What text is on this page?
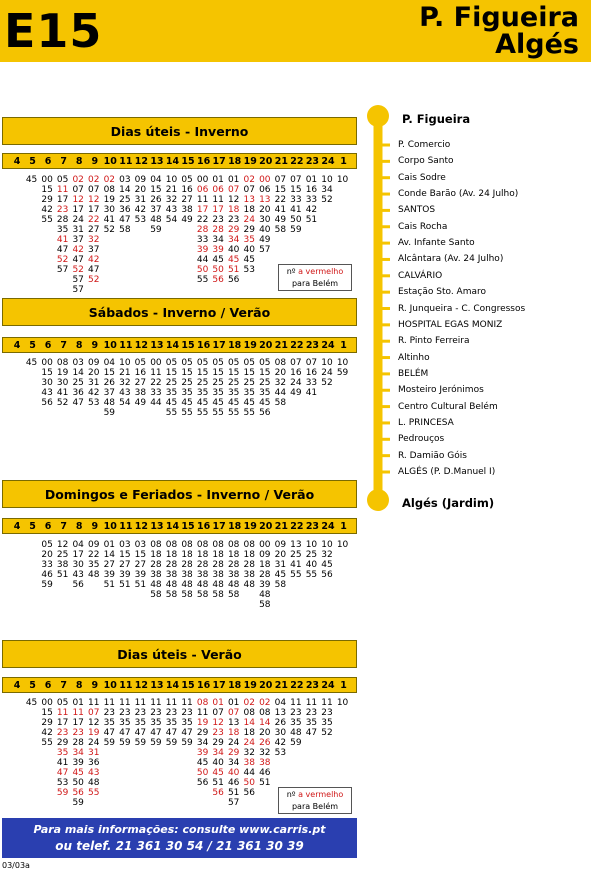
E15	P. Figueira
Algés
Dias úteis - Inverno
4 5 6 7 8 9 10 11 12 13 14 15 16 17 18 19 20 21 22 23 24 1
45 00
15
29
42
55
05
11
17
23
28
35
41
47
52
57
02
07
12
17
24
31
37
42
47
52
57
57
02
07
12
17
22
27
32
37
42
47
52
02
08
19
30
41
52
03
14
25
36
47
58
09
20
31
42
53
04
15
26
37
48
59
10
21
32
43
54
05
16
27
38
49
00
06
11
17
22
28
33
39
44
50
55
01
06
11
17
23
28
34
39
45
50
56
01
07
12
18
23
29
34
40
45
51
56
02
07
13
18
24
29
35
40
45
53
00
06
13
20
30
40
49
57
07
15
22
41
49
58
07
15
33
41
50
59
01
16
33
42
51
10
34
52
10
nº a vermelho
para Belém
Sábados - Inverno / Verão
4 5 6 7 8 9 10 11 12 13 14 15 16 17 18 19 20 21 22 23 24 1
45 00
15
30
43
56
08
19
30
41
52
03
14
25
36
47
09
20
31
42
53
04
15
26
37
48
59
10
21
32
43
54
05
16
27
38
49
00
11
22
33
44
05
15
25
35
45
55
05
15
25
35
45
55
05
15
25
35
45
55
05
15
25
35
45
55
05
15
25
35
45
55
05
15
25
35
45
55
05
15
25
35
45
56
08
20
32
44
58
07
16
24
49
07
16
33
41
10
24
52
10
59
Domingos e Feriados - Inverno / Verão
4 5 6 7 8 9 10 11 12 13 14 15 16 17 18 19 20 21 22 23 24 1
05
20
33
46
59
12
25
38
51
04
17
30
43
56
09
22
35
48
01
14
27
39
51
03
15
27
39
51
03
15
27
39
51
08
18
28
38
48
58
08
18
28
38
48
58
08
18
28
38
48
58
08
18
28
38
48
58
08
18
28
38
48
58
08
18
28
38
48
58
08
18
28
38
48
00
09
18
28
39
48
58
09
20
31
45
58
13
25
41
55
10
25
40
55
10
32
45
56
10
Dias úteis - Verão
4 5 6 7 8 9 10 11 12 13 14 15 16 17 18 19 20 21 22 23 24 1
45 00
15
29
42
55
05
11
17
23
29
35
41
47
53
59
01
11
17
23
28
34
39
45
50
56
59
11
07
12
19
24
31
36
43
48
55
11
23
35
47
59
11
23
35
47
59
11
23
35
47
59
11
23
35
47
59
11
23
35
47
59
11
23
35
47
59
08
11
19
29
34
39
45
50
56
01
07
12
23
29
34
40
45
51
56
01
07
13
18
24
29
34
40
46
51
57
02
08
14
18
24
32
38
44
50
56
02
08
14
20
26
32
38
46
51
04
13
26
30
42
53
11
23
35
48
59
11
23
35
47
11
23
35
52
10
nº a vermelho
para Belém
P. Figueira
P. Comercio
Corpo Santo
Cais Sodre
Conde Barão (Av. 24 Julho)
SANTOS
Cais Rocha
Av. Infante Santo
Alcântara (Av. 24 Julho)
CALVÁRIO
Estação Sto. Amaro
R. Junqueira - C. Congressos
HOSPITAL EGAS MONIZ
R. Pinto Ferreira
Altinho
BELÉM
Mosteiro Jerónimos
Centro Cultural Belém
L. PRINCESA
Pedrouços
R. Damião Góis
ALGÉS (P. D.Manuel I)
Algés (Jardim)
Para mais informações: consulte www.carris.pt
ou telef. 21 361 30 54 / 21 361 30 39
03/03a
